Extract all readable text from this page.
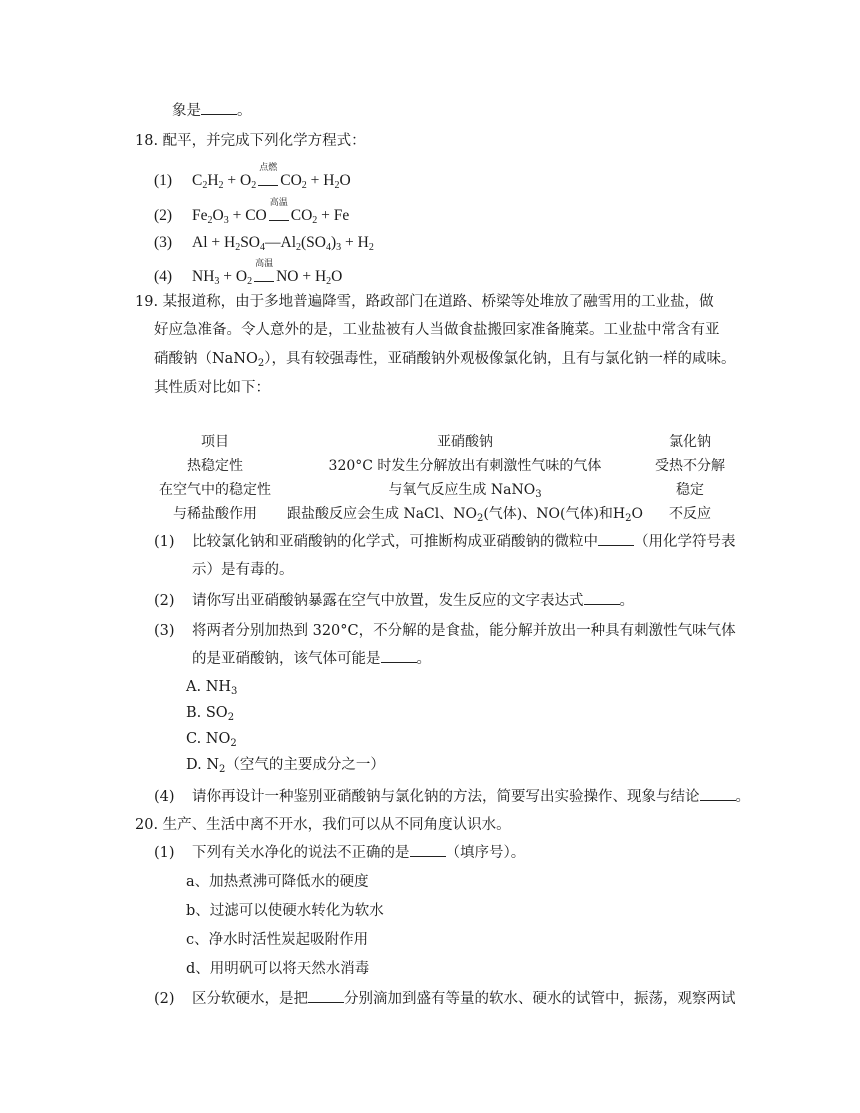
象是 。
18. 配平，并完成下列化学方程式：
(1) $C_2H_2 + O_2$
点燃
$CO_2 + H_2O$
(2) $Fe_2O_3$ + CO
高温
$CO_2 + Fe$
(3) $Al + H_2SO_4—Al_2(SO_4)_3 + H_2$
(4) $NH_3 + O_2$
高温
NO + $H_2O$
19. 某报道称，由于多地普遍降雪，路政部门在道路、桥梁等处堆放了融雪用的工业盐，做
好应急准备。令人意外的是，工业盐被有人当做食盐搬回家准备腌菜。工业盐中常含有亚
硝酸钠（NaNO$_2$），具有较强毒性，亚硝酸钠外观极像氯化钠，且有与氯化钠一样的咸味。
其性质对比如下：
项目	亚硝酸钠	氯化钠
热稳定性	320°C 时发生分解放出有刺激性气味的气体	受热不分解
在空气中的稳定性	与氧气反应生成 NaNO$_3$	稳定
与稀盐酸作用	跟盐酸反应会生成 NaCl、$NO_2$(气体)、NO(气体)和$H_2O$	不反应
(1) 比较氯化钠和亚硝酸钠的化学式，可推断构成亚硝酸钠的微粒中 （用化学符号表
示）是有毒的。
(2) 请你写出亚硝酸钠暴露在空气中放置，发生反应的文字表达式 。
(3) 将两者分别加热到 320°C，不分解的是食盐，能分解并放出一种具有刺激性气味气体
的是亚硝酸钠，该气体可能是 。
A. $NH_3$
B. $SO_2$
C. $NO_2$
D. $N_2$（空气的主要成分之一）
(4) 请你再设计一种鉴别亚硝酸钠与氯化钠的方法，简要写出实验操作、现象与结论 。
20. 生产、生活中离不开水，我们可以从不同角度认识水。
(1) 下列有关水净化的说法不正确的是 （填序号）。
a、加热煮沸可降低水的硬度
b、过滤可以使硬水转化为软水
c、净水时活性炭起吸附作用
d、用明矾可以将天然水消毒
(2) 区分软硬水，是把 分别滴加到盛有等量的软水、硬水的试管中，振荡，观察两试
